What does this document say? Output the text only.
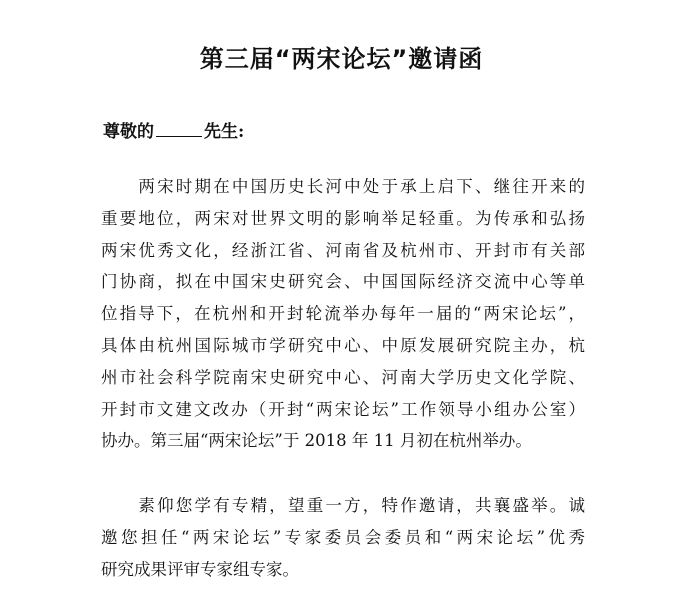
第三届“两宋论坛”邀请函
尊敬的	先生:
　　两宋时期在中国历史长河中处于承上启下、继往开来的
重要地位，两宋对世界文明的影响举足轻重。为传承和弘扬
两宋优秀文化，经浙江省、河南省及杭州市、开封市有关部
门协商，拟在中国宋史研究会、中国国际经济交流中心等单
位指导下，在杭州和开封轮流举办每年一届的“两宋论坛”，
具体由杭州国际城市学研究中心、中原发展研究院主办，杭
州市社会科学院南宋史研究中心、河南大学历史文化学院、
开封市文建文改办（开封“两宋论坛”工作领导小组办公室）
协办。第三届“两宋论坛”于 2018 年 11 月初在杭州举办。
　　素仰您学有专精，望重一方，特作邀请，共襄盛举。诚
邀您担任“两宋论坛”专家委员会委员和“两宋论坛”优秀
研究成果评审专家组专家。
